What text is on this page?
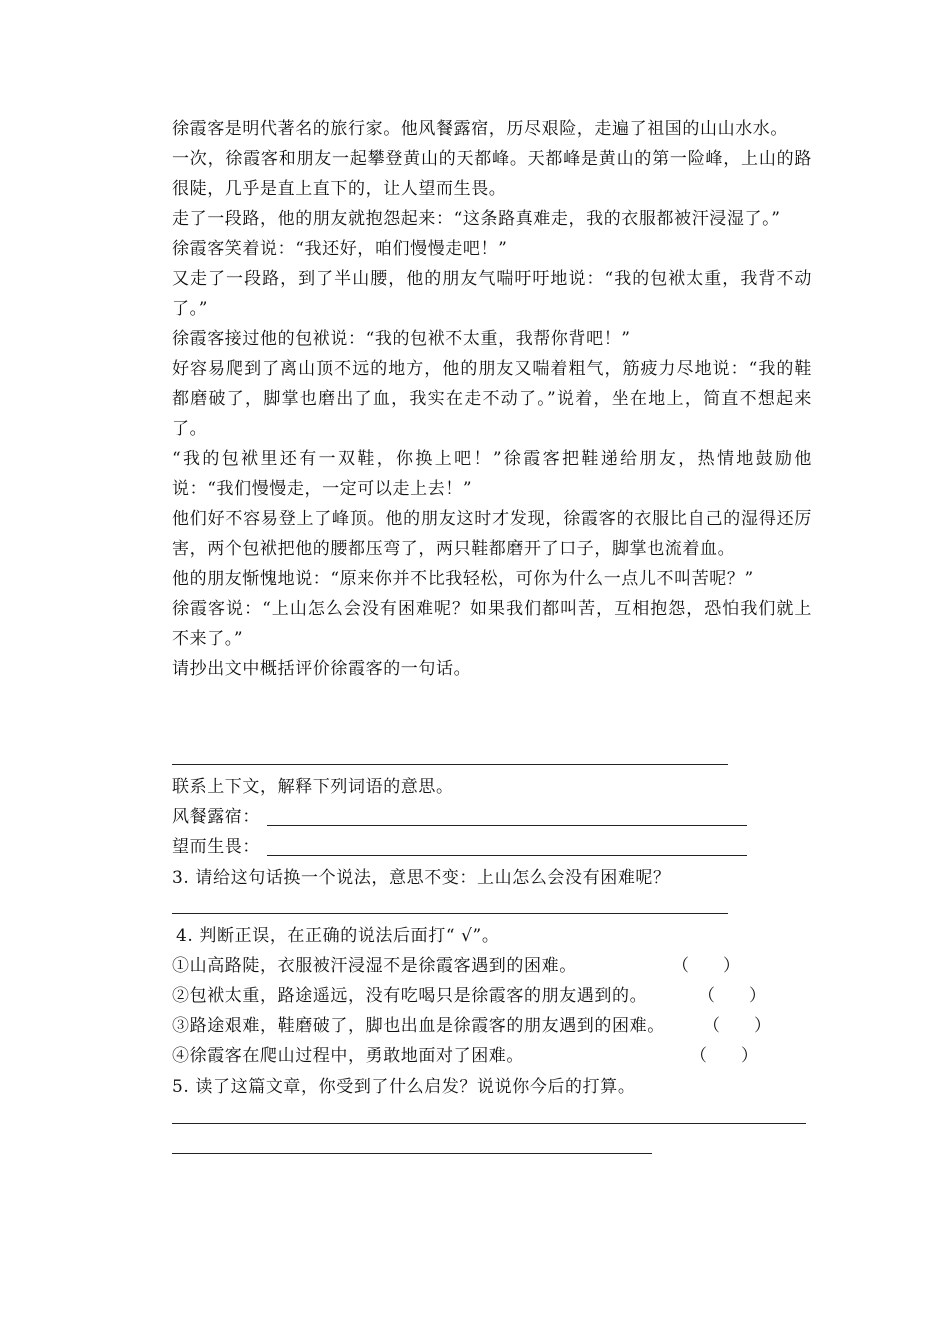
徐霞客是明代著名的旅行家。他风餐露宿，历尽艰险，走遍了祖国的山山水水。

一次，徐霞客和朋友一起攀登黄山的天都峰。天都峰是黄山的第一险峰，上山的路很陡，几乎是直上直下的，让人望而生畏。

走了一段路，他的朋友就抱怨起来：“这条路真难走，我的衣服都被汗浸湿了。”

徐霞客笑着说：“我还好，咱们慢慢走吧！”

又走了一段路，到了半山腰，他的朋友气喘吁吁地说：“我的包袱太重，我背不动了。”

徐霞客接过他的包袱说：“我的包袱不太重，我帮你背吧！”

好容易爬到了离山顶不远的地方，他的朋友又喘着粗气，筋疲力尽地说：“我的鞋都磨破了，脚掌也磨出了血，我实在走不动了。”说着，坐在地上，简直不想起来了。

“我的包袱里还有一双鞋，你换上吧！”徐霞客把鞋递给朋友，热情地鼓励他说：“我们慢慢走，一定可以走上去！”

他们好不容易登上了峰顶。他的朋友这时才发现，徐霞客的衣服比自己的湿得还厉害，两个包袱把他的腰都压弯了，两只鞋都磨开了口子，脚掌也流着血。

他的朋友惭愧地说：“原来你并不比我轻松，可你为什么一点儿不叫苦呢？”

徐霞客说：“上山怎么会没有困难呢？如果我们都叫苦，互相抱怨，恐怕我们就上不来了。”

请抄出文中概括评价徐霞客的一句话。

联系上下文，解释下列词语的意思。
风餐露宿：
望而生畏：
3. 请给这句话换一个说法，意思不变：上山怎么会没有困难呢？
4. 判断正误，在正确的说法后面打“ √”。
①山高路陡，衣服被汗浸湿不是徐霞客遇到的困难。	（　　）
②包袱太重，路途遥远，没有吃喝只是徐霞客的朋友遇到的。	（　　）
③路途艰难，鞋磨破了，脚也出血是徐霞客的朋友遇到的困难。 （　　）
④徐霞客在爬山过程中，勇敢地面对了困难。	（　　）
5. 读了这篇文章，你受到了什么启发？说说你今后的打算。
